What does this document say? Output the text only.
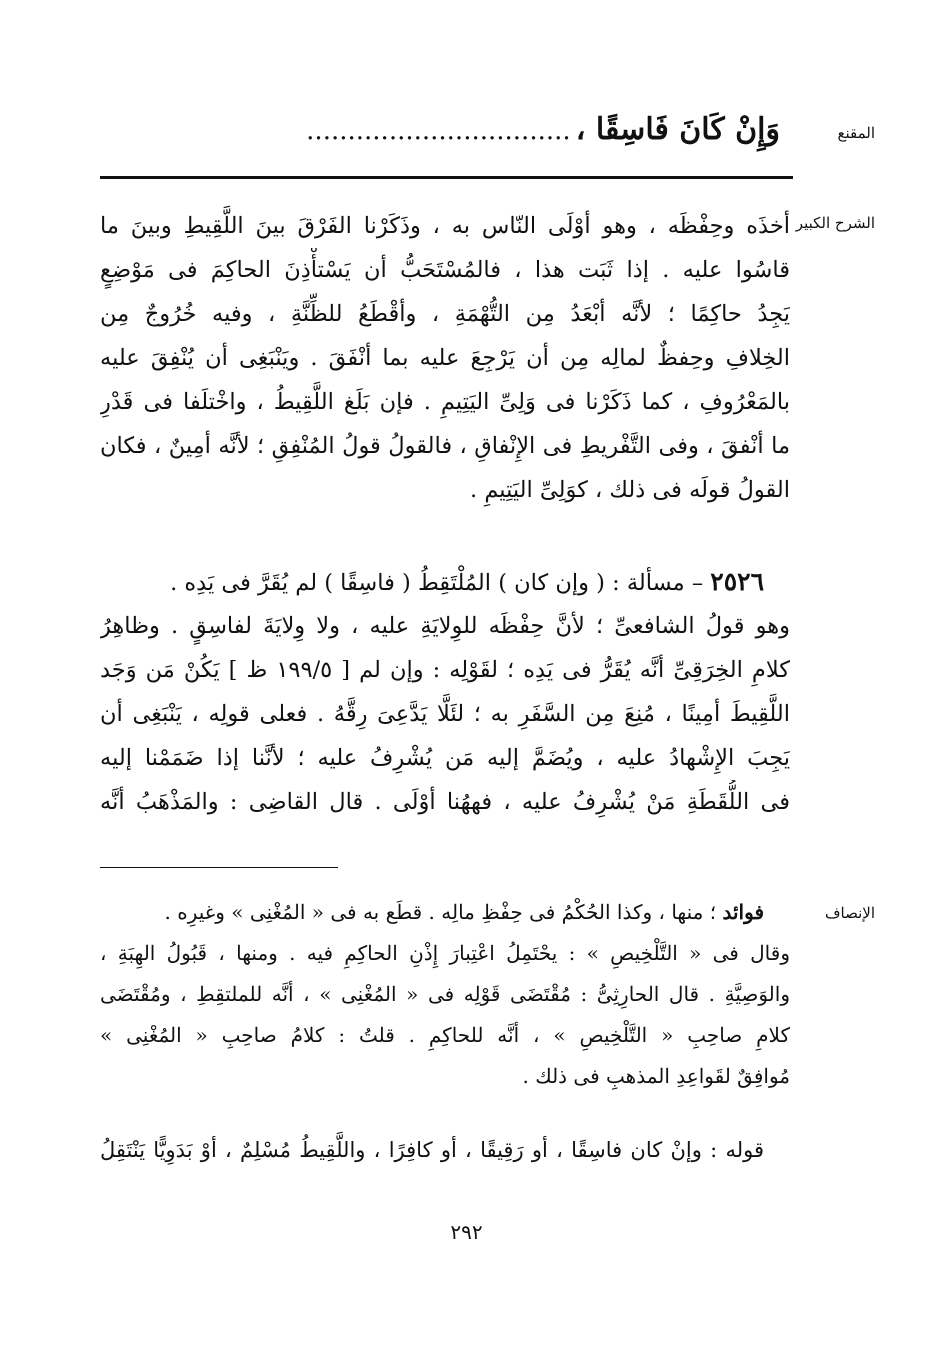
المقنع
وَإِنْ كَانَ فَاسِقًا ، ................................
الشرح الكبير
أخذَه وحِفْظَه ، وهو أوْلَى النّاس به ، وذَكَرْنا الفَرْقَ بينَ اللَّقِيطِ وبينَ ما
قاسُوا عليه . إذا ثَبَت هذا ، فالمُسْتَحَبُّ أن يَسْتأْذِنَ الحاكِمَ فى مَوْضِعٍ
يَجِدُ حاكِمًا ؛ لأنَّه أبْعَدُ مِن التُّهْمَةِ ، وأقْطَعُ للظِّنَّةِ ، وفيه خُرُوجٌ مِن
الخِلافِ وحِفظٌ لمالِه مِن أن يَرْجِعَ عليه بما أنْفَقَ . ويَنْبَغِى أن يُنْفِقَ عليه
بالمَعْرُوفِ ، كما ذَكَرْنا فى وَلِىِّ اليَتِيمِ . فإن بَلَغ اللَّقِيطُ ، واخْتلَفا فى قَدْرِ
ما أنْفقَ ، وفى التَّفْريطِ فى الإِنْفاقِ ، فالقولُ قولُ المُنْفِقِ ؛ لأنَّه أمِينٌ ، فكان
القولُ قولَه فى ذلك ، كوَلِىِّ اليَتِيمِ .
٢٥٢٦ – مسألة : ( وإن كان ) المُلْتَقِطُ ( فاسِقًا ) لم يُقَرَّ فى يَدِه .
وهو قولُ الشافعىِّ ؛ لأنَّ حِفْظَه للوِلايَةِ عليه ، ولا وِلايَةَ لفاسِقٍ . وظاهِرُ
كلامِ الخِرَقِىِّ أنَّه يُقَرُّ فى يَدِه ؛ لقَوْلِه : وإن لم [ ١٩٩/٥ ظ ] يَكُنْ مَن وَجَد
اللَّقِيطَ أمِينًا ، مُنِعَ مِن السَّفَرِ به ؛ لئَلَّا يَدَّعِىَ رِقَّهُ . فعلى قولِه ، يَنْبَغِى أن
يَجِبَ الإِشْهادُ عليه ، ويُضَمَّ إليه مَن يُشْرِفُ عليه ؛ لأنَّنا إذا ضَمَمْنا إليه
فى اللُّقَطَةِ مَنْ يُشْرِفُ عليه ، فههُنا أوْلَى . قال القاضِى : والمَذْهَبُ أنَّه
الإنصاف
فوائد ؛ منها ، وكذا الحُكْمُ فى حِفْظِ مالِه . قطَع به فى « المُغْنِى » وغيرِه .
وقال فى « التَّلْخِيصِ » : يحْتَمِلُ اعْتِبارَ إِذْنِ الحاكِمِ فيه . ومنها ، قَبُولُ الهِبَةِ ،
والوَصِيَّةِ . قال الحارِثِىُّ : مُقْتَضَى قَوْلِه فى « المُغْنِى » ، أنَّه للملتقِطِ ، ومُقْتَضَى
كلامِ صاحِبِ « التَّلْخِيصِ » ، أنَّه للحاكِمِ . قلتُ : كلامُ صاحِبِ « المُغْنِى »
مُوافِقٌ لقَواعِدِ المذهبِ فى ذلك .
قوله : وإنْ كان فاسِقًا ، أو رَقِيقًا ، أو كافِرًا ، واللَّقِيطُ مُسْلِمٌ ، أوْ بَدَوِيًّا يَنْتَقِلُ
٢٩٢
